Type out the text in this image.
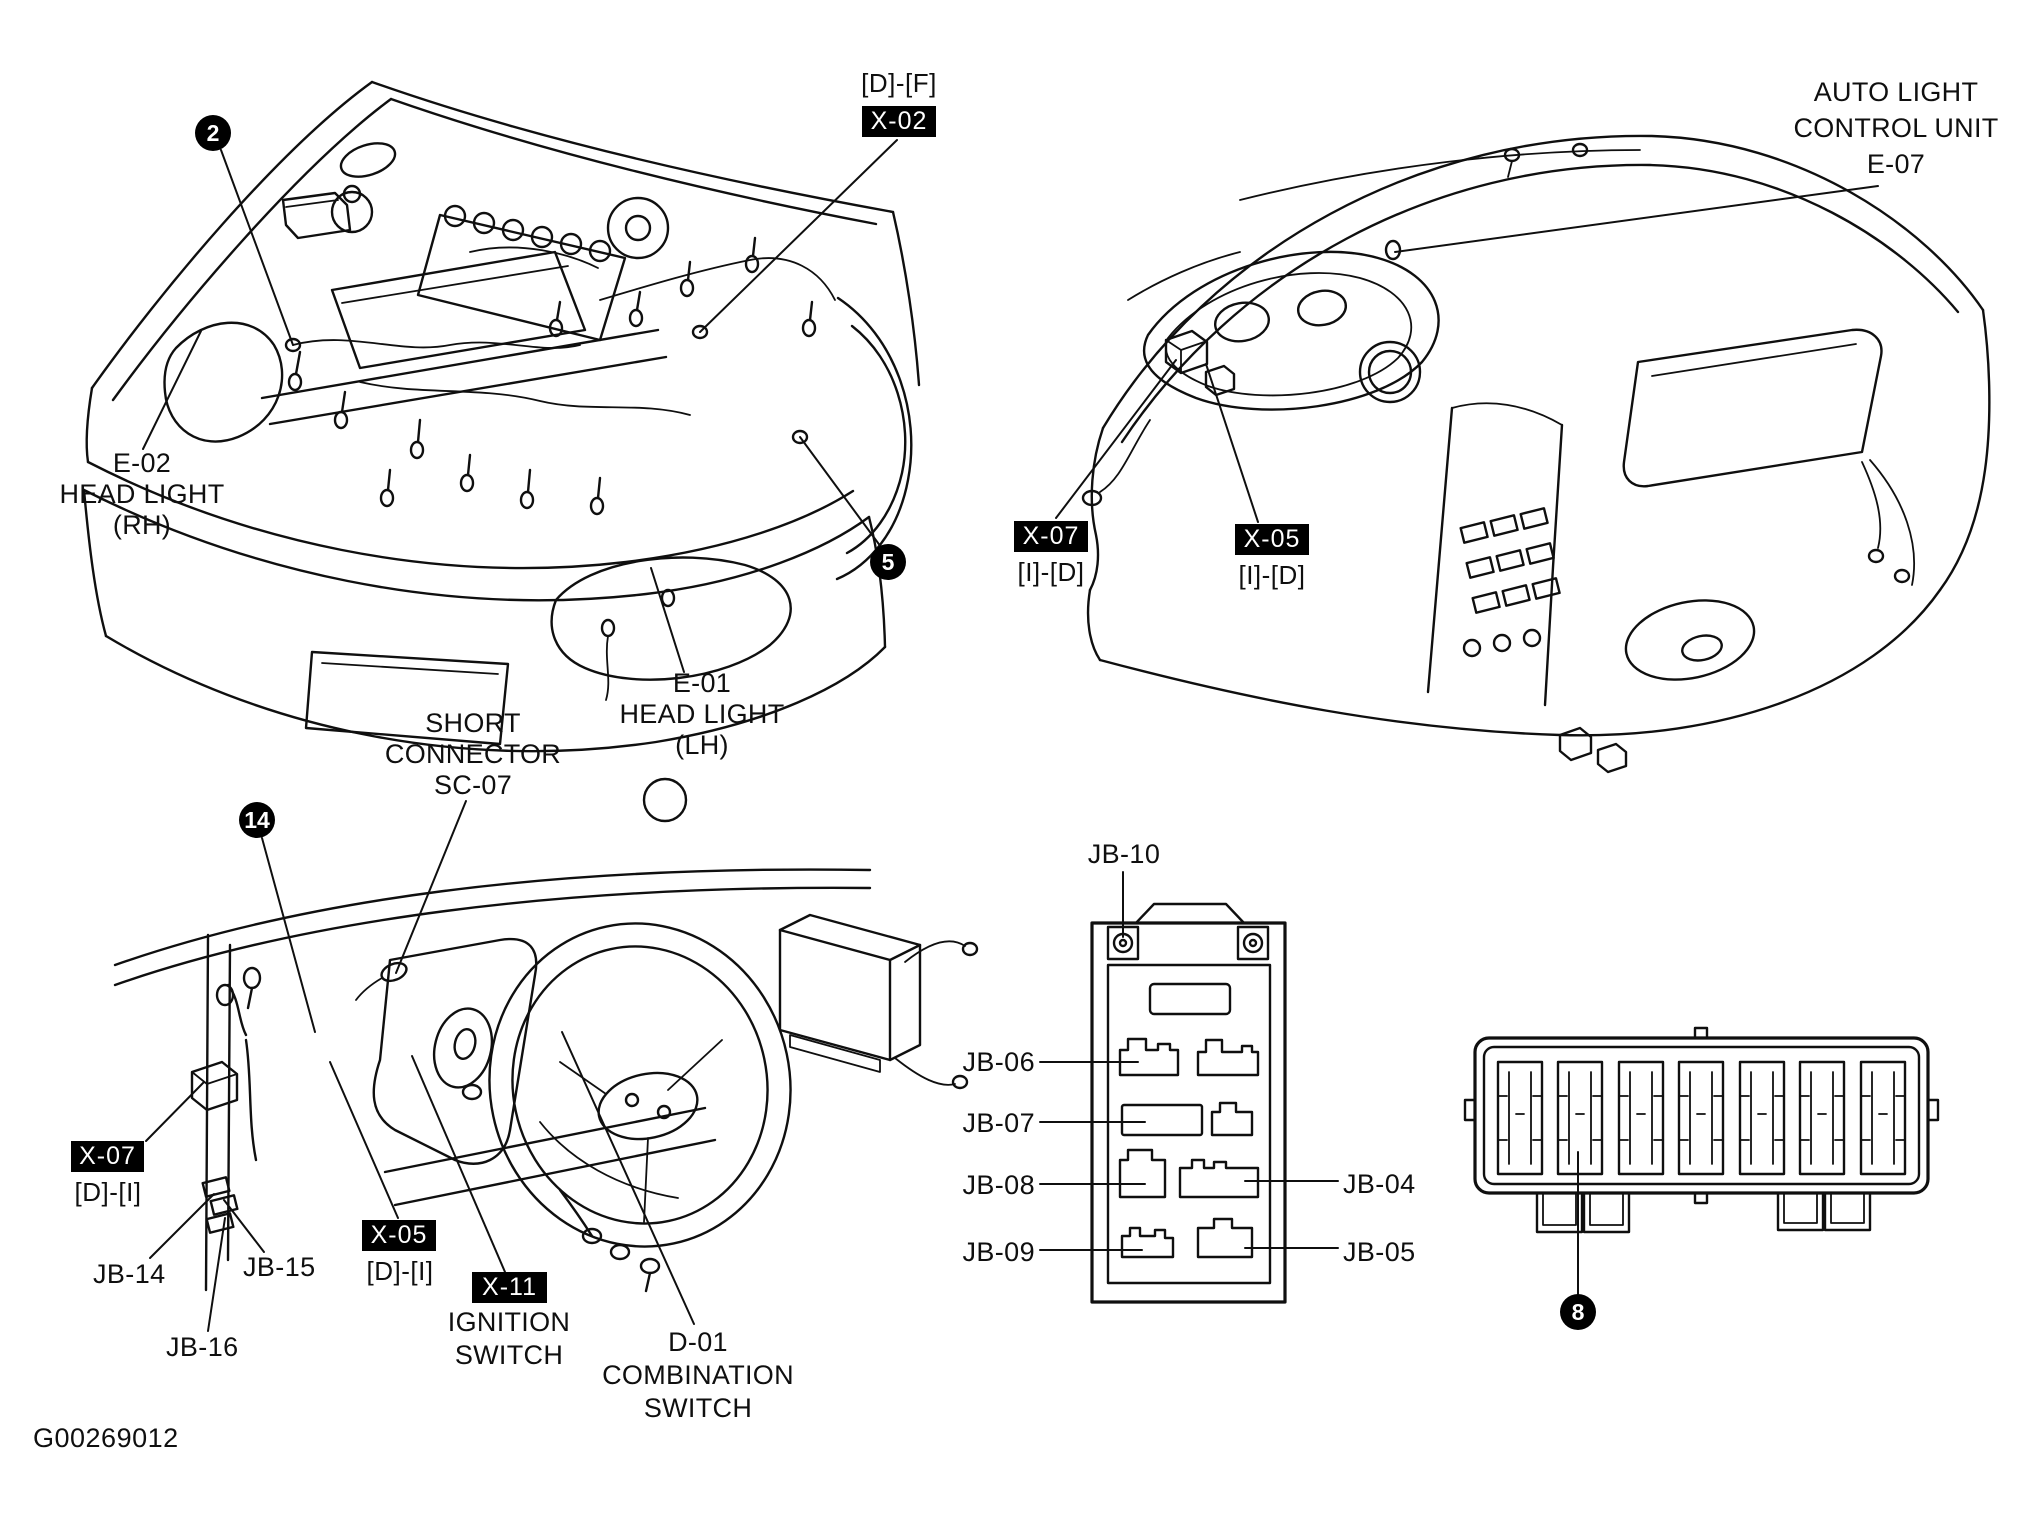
2
5
[D]-[F]
X-02
E-02
HEAD LIGHT
(RH)
E-01
HEAD LIGHT
(LH)
SHORT
CONNECTOR
SC-07
AUTO LIGHT
CONTROL UNIT
E-07
X-07
[I]-[D]
X-05
[I]-[D]
14
X-07
[D]-[I]
JB-14	JB-15
JB-16
X-05
[D]-[I]
X-11
IGNITION
SWITCH	D-01
COMBINATION
SWITCH
JB-10
JB-06
JB-07
JB-08
JB-09
JB-04
JB-05
8
G00269012
